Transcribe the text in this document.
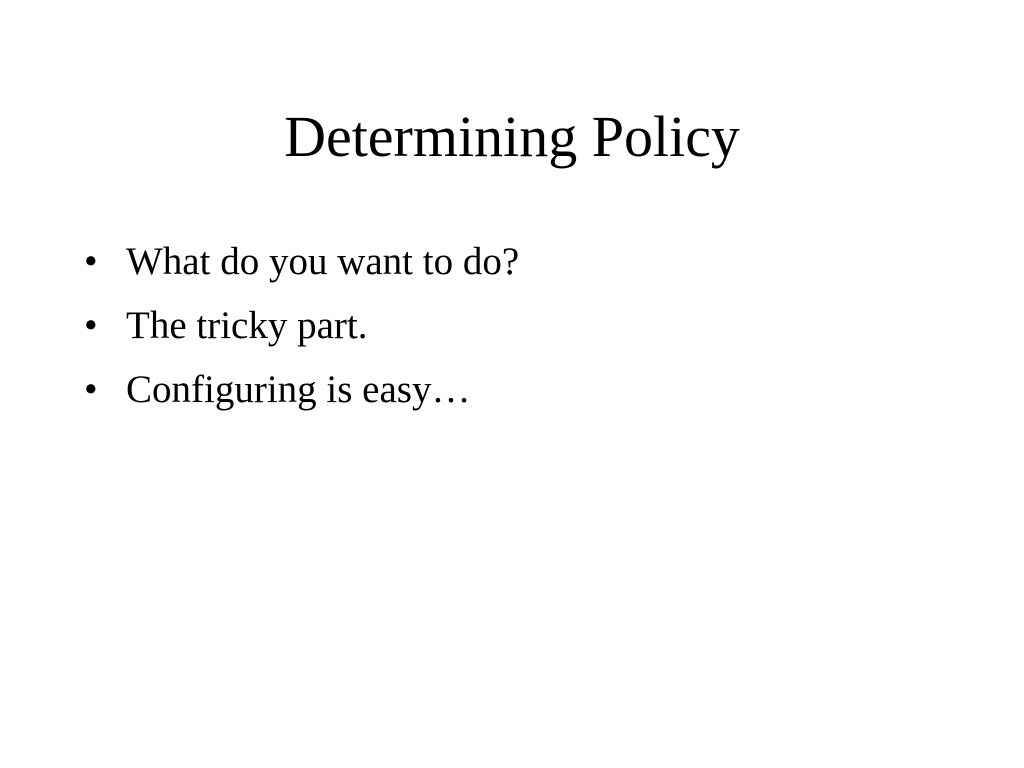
Determining Policy
• What do you want to do?
• The tricky part.
• Configuring is easy…
